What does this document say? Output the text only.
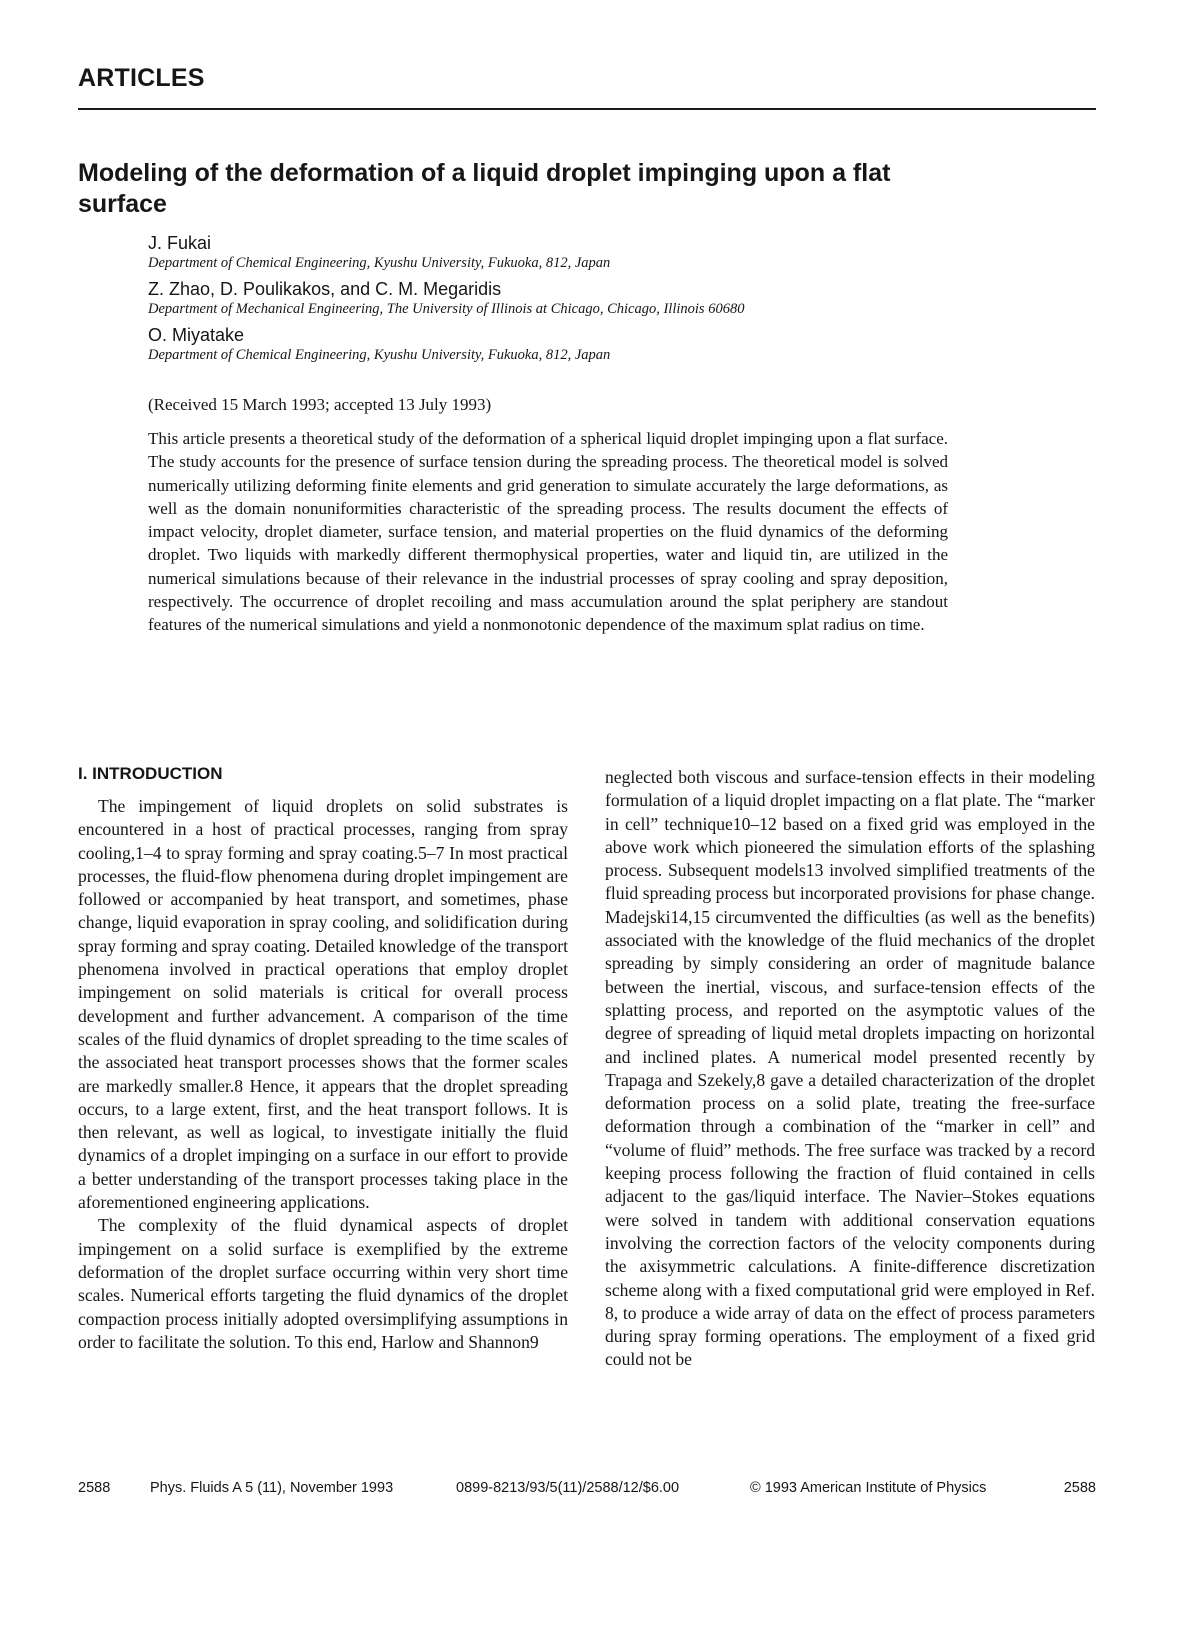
ARTICLES
Modeling of the deformation of a liquid droplet impinging upon a flat surface
J. Fukai
Department of Chemical Engineering, Kyushu University, Fukuoka, 812, Japan
Z. Zhao, D. Poulikakos, and C. M. Megaridis
Department of Mechanical Engineering, The University of Illinois at Chicago, Chicago, Illinois 60680
O. Miyatake
Department of Chemical Engineering, Kyushu University, Fukuoka, 812, Japan
(Received 15 March 1993; accepted 13 July 1993)

This article presents a theoretical study of the deformation of a spherical liquid droplet impinging upon a flat surface. The study accounts for the presence of surface tension during the spreading process. The theoretical model is solved numerically utilizing deforming finite elements and grid generation to simulate accurately the large deformations, as well as the domain nonuniformities characteristic of the spreading process. The results document the effects of impact velocity, droplet diameter, surface tension, and material properties on the fluid dynamics of the deforming droplet. Two liquids with markedly different thermophysical properties, water and liquid tin, are utilized in the numerical simulations because of their relevance in the industrial processes of spray cooling and spray deposition, respectively. The occurrence of droplet recoiling and mass accumulation around the splat periphery are standout features of the numerical simulations and yield a nonmonotonic dependence of the maximum splat radius on time.

I. INTRODUCTION

The impingement of liquid droplets on solid substrates is encountered in a host of practical processes, ranging from spray cooling,1–4 to spray forming and spray coating.5–7 In most practical processes, the fluid-flow phenomena during droplet impingement are followed or accompanied by heat transport, and sometimes, phase change, liquid evaporation in spray cooling, and solidification during spray forming and spray coating. Detailed knowledge of the transport phenomena involved in practical operations that employ droplet impingement on solid materials is critical for overall process development and further advancement. A comparison of the time scales of the fluid dynamics of droplet spreading to the time scales of the associated heat transport processes shows that the former scales are markedly smaller.8 Hence, it appears that the droplet spreading occurs, to a large extent, first, and the heat transport follows. It is then relevant, as well as logical, to investigate initially the fluid dynamics of a droplet impinging on a surface in our effort to provide a better understanding of the transport processes taking place in the aforementioned engineering applications.

The complexity of the fluid dynamical aspects of droplet impingement on a solid surface is exemplified by the extreme deformation of the droplet surface occurring within very short time scales. Numerical efforts targeting the fluid dynamics of the droplet compaction process initially adopted oversimplifying assumptions in order to facilitate the solution. To this end, Harlow and Shannon9

neglected both viscous and surface-tension effects in their modeling formulation of a liquid droplet impacting on a flat plate. The “marker in cell” technique10–12 based on a fixed grid was employed in the above work which pioneered the simulation efforts of the splashing process. Subsequent models13 involved simplified treatments of the fluid spreading process but incorporated provisions for phase change. Madejski14,15 circumvented the difficulties (as well as the benefits) associated with the knowledge of the fluid mechanics of the droplet spreading by simply considering an order of magnitude balance between the inertial, viscous, and surface-tension effects of the splatting process, and reported on the asymptotic values of the degree of spreading of liquid metal droplets impacting on horizontal and inclined plates. A numerical model presented recently by Trapaga and Szekely,8 gave a detailed characterization of the droplet deformation process on a solid plate, treating the free-surface deformation through a combination of the “marker in cell” and “volume of fluid” methods. The free surface was tracked by a record keeping process following the fraction of fluid contained in cells adjacent to the gas/liquid interface. The Navier–Stokes equations were solved in tandem with additional conservation equations involving the correction factors of the velocity components during the axisymmetric calculations. A finite-difference discretization scheme along with a fixed computational grid were employed in Ref. 8, to produce a wide array of data on the effect of process parameters during spray forming operations. The employment of a fixed grid could not be

2588	Phys. Fluids A 5 (11), November 1993	0899-8213/93/5(11)/2588/12/$6.00	© 1993 American Institute of Physics	2588
